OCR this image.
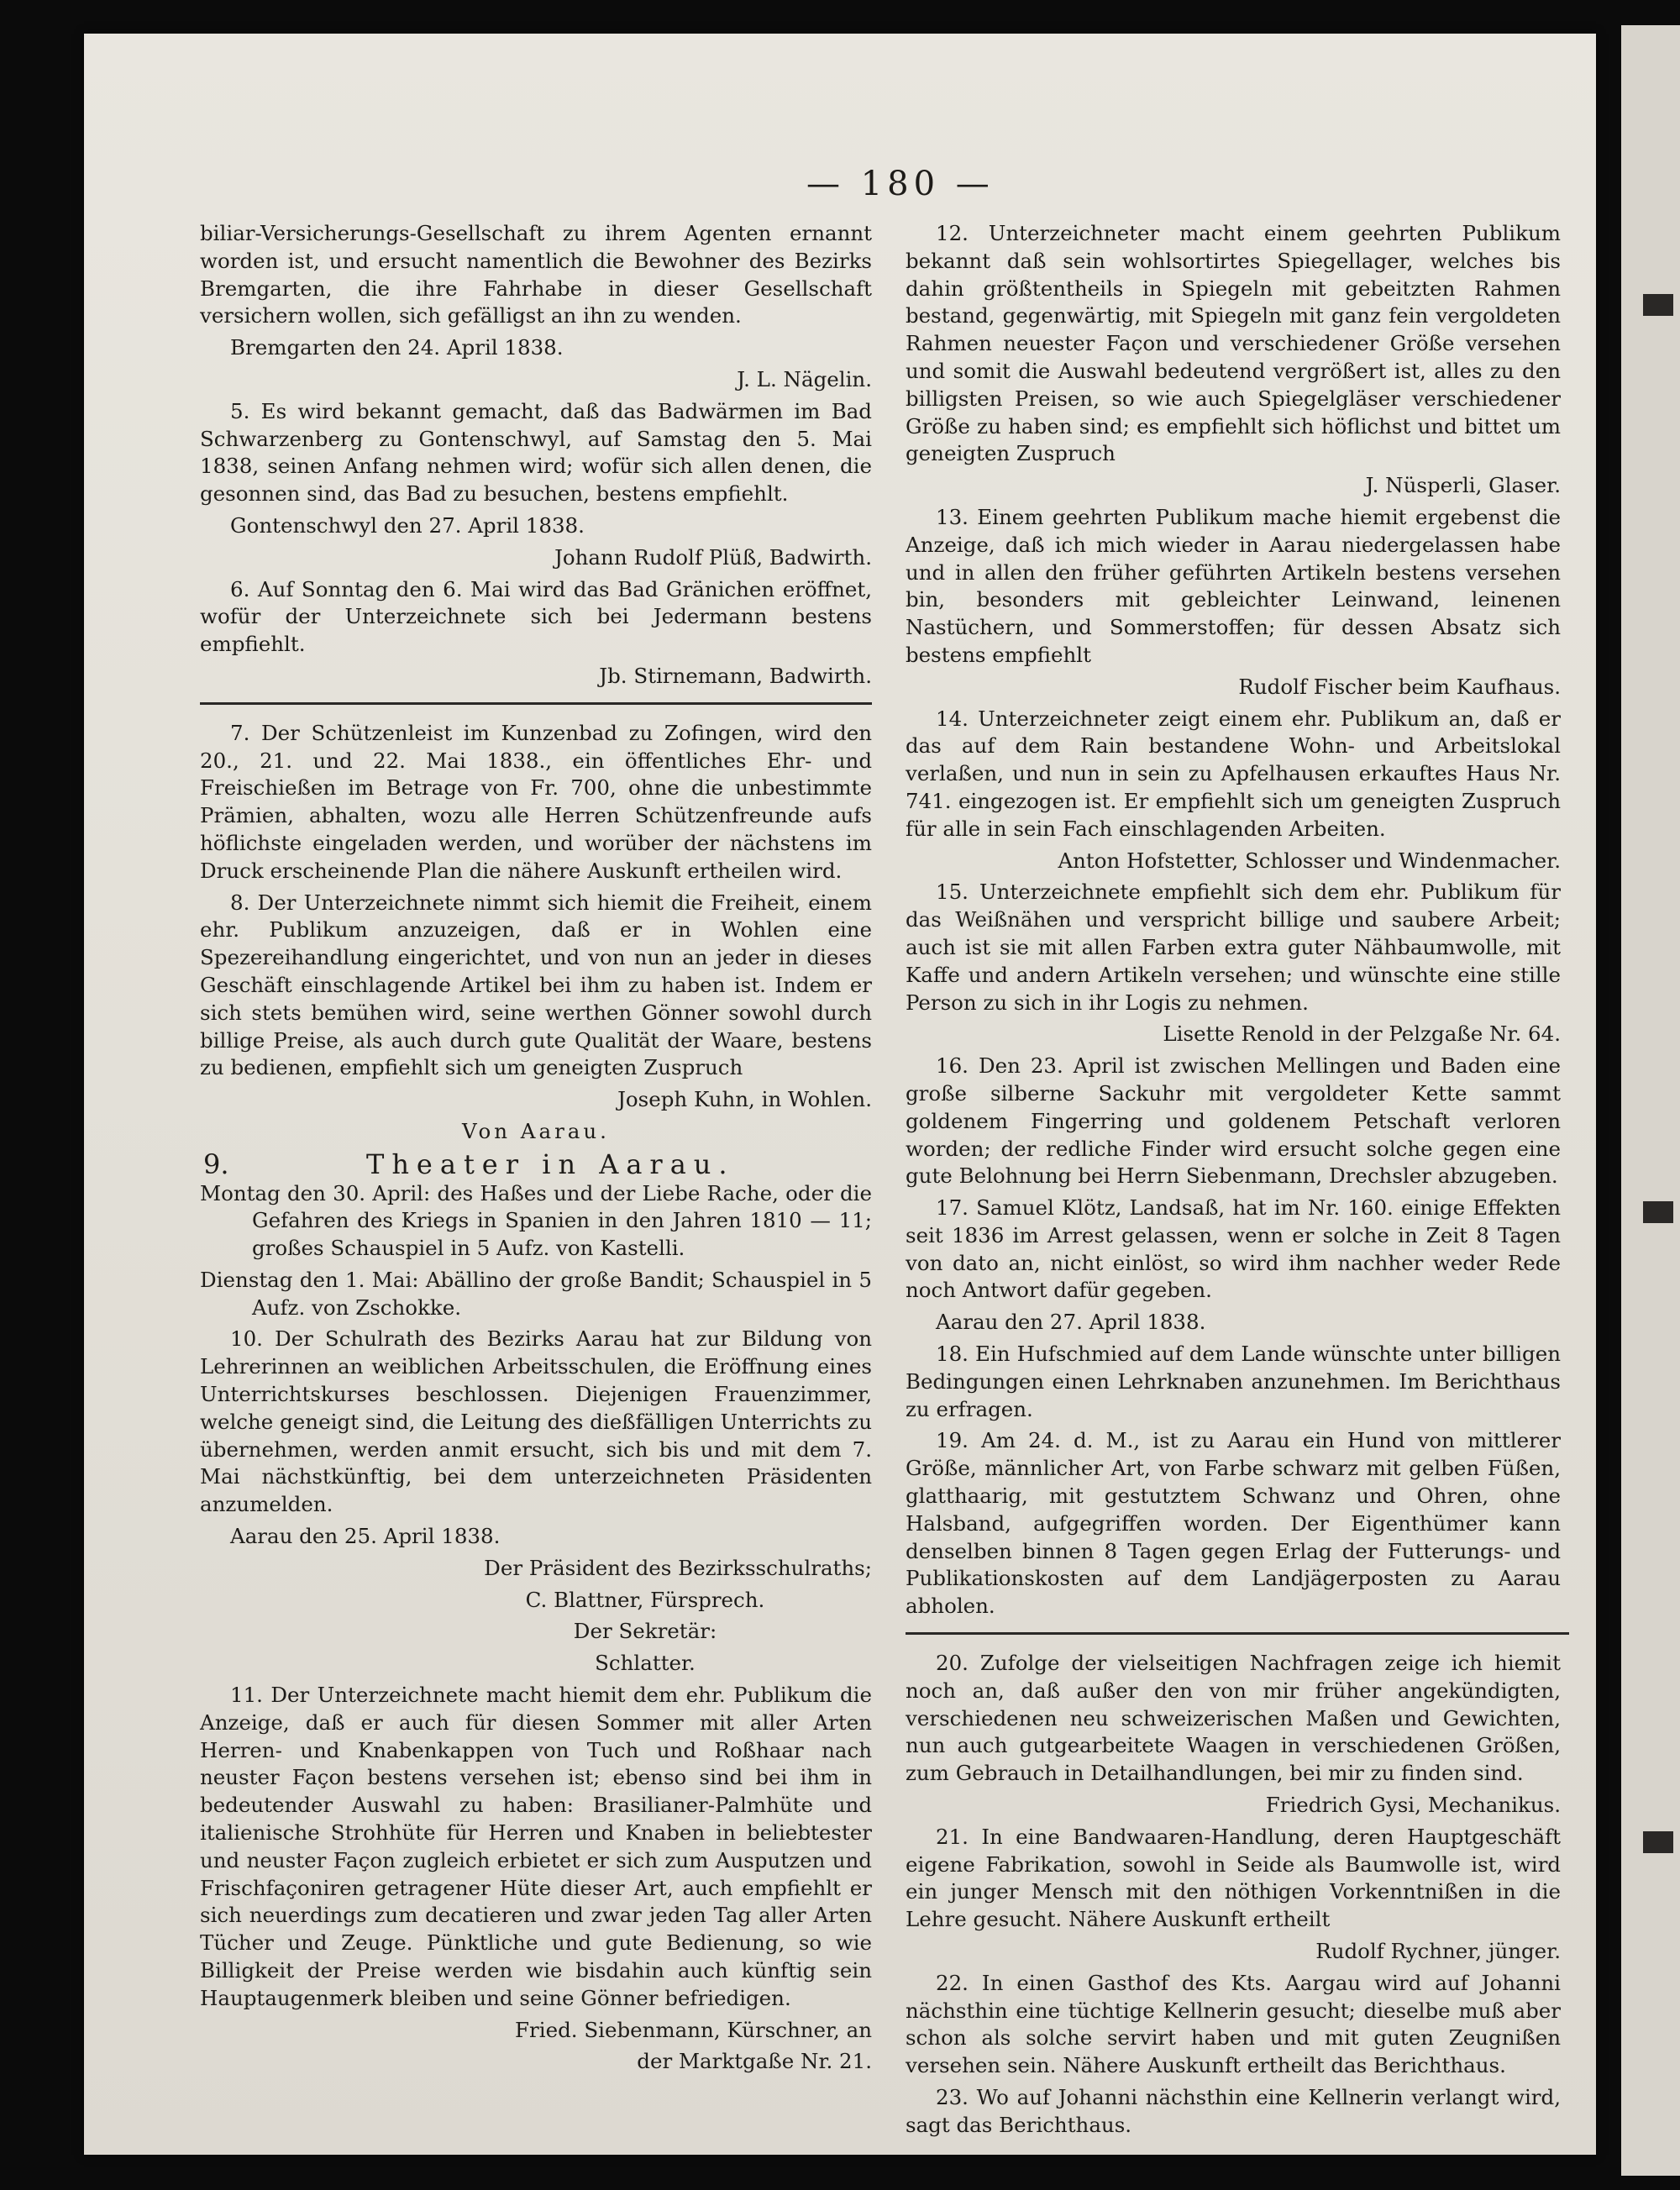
— 180 —

biliar-Versicherungs-Gesellschaft zu ihrem Agenten ernannt worden ist, und ersucht namentlich die Bewohner des Bezirks Bremgarten, die ihre Fahrhabe in dieser Gesellschaft versichern wollen, sich gefälligst an ihn zu wenden.

Bremgarten den 24. April 1838.

J. L. Nägelin.

5. Es wird bekannt gemacht, daß das Badwärmen im Bad Schwarzenberg zu Gontenschwyl, auf Samstag den 5. Mai 1838, seinen Anfang nehmen wird; wofür sich allen denen, die gesonnen sind, das Bad zu besuchen, bestens empfiehlt.

Gontenschwyl den 27. April 1838.

Johann Rudolf Plüß, Badwirth.

6. Auf Sonntag den 6. Mai wird das Bad Gränichen eröffnet, wofür der Unterzeichnete sich bei Jedermann bestens empfiehlt.

Jb. Stirnemann, Badwirth.

7. Der Schützenleist im Kunzenbad zu Zofingen, wird den 20., 21. und 22. Mai 1838., ein öffentliches Ehr- und Freischießen im Betrage von Fr. 700, ohne die unbestimmte Prämien, abhalten, wozu alle Herren Schützenfreunde aufs höflichste eingeladen werden, und worüber der nächstens im Druck erscheinende Plan die nähere Auskunft ertheilen wird.

8. Der Unterzeichnete nimmt sich hiemit die Freiheit, einem ehr. Publikum anzuzeigen, daß er in Wohlen eine Spezereihandlung eingerichtet, und von nun an jeder in dieses Geschäft einschlagende Artikel bei ihm zu haben ist. Indem er sich stets bemühen wird, seine werthen Gönner sowohl durch billige Preise, als auch durch gute Qualität der Waare, bestens zu bedienen, empfiehlt sich um geneigten Zuspruch

Joseph Kuhn, in Wohlen.

Von Aarau.

9.	Theater in Aarau.

Montag den 30. April: des Haßes und der Liebe Rache, oder die Gefahren des Kriegs in Spanien in den Jahren 1810 — 11; großes Schauspiel in 5 Aufz. von Kastelli.

Dienstag den 1. Mai: Abällino der große Bandit; Schauspiel in 5 Aufz. von Zschokke.

10. Der Schulrath des Bezirks Aarau hat zur Bildung von Lehrerinnen an weiblichen Arbeitsschulen, die Eröffnung eines Unterrichtskurses beschlossen. Diejenigen Frauenzimmer, welche geneigt sind, die Leitung des dießfälligen Unterrichts zu übernehmen, werden anmit ersucht, sich bis und mit dem 7. Mai nächstkünftig, bei dem unterzeichneten Präsidenten anzumelden.

Aarau den 25. April 1838.

Der Präsident des Bezirksschulraths;

C. Blattner, Fürsprech.

Der Sekretär:

Schlatter.

11. Der Unterzeichnete macht hiemit dem ehr. Publikum die Anzeige, daß er auch für diesen Sommer mit aller Arten Herren- und Knabenkappen von Tuch und Roßhaar nach neuster Façon bestens versehen ist; ebenso sind bei ihm in bedeutender Auswahl zu haben: Brasilianer-Palmhüte und italienische Strohhüte für Herren und Knaben in beliebtester und neuster Façon zugleich erbietet er sich zum Ausputzen und Frischfaçoniren getragener Hüte dieser Art, auch empfiehlt er sich neuerdings zum decatieren und zwar jeden Tag aller Arten Tücher und Zeuge. Pünktliche und gute Bedienung, so wie Billigkeit der Preise werden wie bisdahin auch künftig sein Hauptaugenmerk bleiben und seine Gönner befriedigen.

Fried. Siebenmann, Kürschner, an

der Marktgaße Nr. 21.

12. Unterzeichneter macht einem geehrten Publikum bekannt daß sein wohlsortirtes Spiegellager, welches bis dahin größtentheils in Spiegeln mit gebeitzten Rahmen bestand, gegenwärtig, mit Spiegeln mit ganz fein vergoldeten Rahmen neuester Façon und verschiedener Größe versehen und somit die Auswahl bedeutend vergrößert ist, alles zu den billigsten Preisen, so wie auch Spiegelgläser verschiedener Größe zu haben sind; es empfiehlt sich höflichst und bittet um geneigten Zuspruch

J. Nüsperli, Glaser.

13. Einem geehrten Publikum mache hiemit ergebenst die Anzeige, daß ich mich wieder in Aarau niedergelassen habe und in allen den früher geführten Artikeln bestens versehen bin, besonders mit gebleichter Leinwand, leinenen Nastüchern, und Sommerstoffen; für dessen Absatz sich bestens empfiehlt

Rudolf Fischer beim Kaufhaus.

14. Unterzeichneter zeigt einem ehr. Publikum an, daß er das auf dem Rain bestandene Wohn- und Arbeitslokal verlaßen, und nun in sein zu Apfelhausen erkauftes Haus Nr. 741. eingezogen ist. Er empfiehlt sich um geneigten Zuspruch für alle in sein Fach einschlagenden Arbeiten.

Anton Hofstetter, Schlosser und Windenmacher.

15. Unterzeichnete empfiehlt sich dem ehr. Publikum für das Weißnähen und verspricht billige und saubere Arbeit; auch ist sie mit allen Farben extra guter Nähbaumwolle, mit Kaffe und andern Artikeln versehen; und wünschte eine stille Person zu sich in ihr Logis zu nehmen.

Lisette Renold in der Pelzgaße Nr. 64.

16. Den 23. April ist zwischen Mellingen und Baden eine große silberne Sackuhr mit vergoldeter Kette sammt goldenem Fingerring und goldenem Petschaft verloren worden; der redliche Finder wird ersucht solche gegen eine gute Belohnung bei Herrn Siebenmann, Drechsler abzugeben.

17. Samuel Klötz, Landsaß, hat im Nr. 160. einige Effekten seit 1836 im Arrest gelassen, wenn er solche in Zeit 8 Tagen von dato an, nicht einlöst, so wird ihm nachher weder Rede noch Antwort dafür gegeben.

Aarau den 27. April 1838.

18. Ein Hufschmied auf dem Lande wünschte unter billigen Bedingungen einen Lehrknaben anzunehmen. Im Berichthaus zu erfragen.

19. Am 24. d. M., ist zu Aarau ein Hund von mittlerer Größe, männlicher Art, von Farbe schwarz mit gelben Füßen, glatthaarig, mit gestutztem Schwanz und Ohren, ohne Halsband, aufgegriffen worden. Der Eigenthümer kann denselben binnen 8 Tagen gegen Erlag der Futterungs- und Publikationskosten auf dem Landjägerposten zu Aarau abholen.

20. Zufolge der vielseitigen Nachfragen zeige ich hiemit noch an, daß außer den von mir früher angekündigten, verschiedenen neu schweizerischen Maßen und Gewichten, nun auch gutgearbeitete Waagen in verschiedenen Größen, zum Gebrauch in Detailhandlungen, bei mir zu finden sind.

Friedrich Gysi, Mechanikus.

21. In eine Bandwaaren-Handlung, deren Hauptgeschäft eigene Fabrikation, sowohl in Seide als Baumwolle ist, wird ein junger Mensch mit den nöthigen Vorkenntnißen in die Lehre gesucht. Nähere Auskunft ertheilt

Rudolf Rychner, jünger.

22. In einen Gasthof des Kts. Aargau wird auf Johanni nächsthin eine tüchtige Kellnerin gesucht; dieselbe muß aber schon als solche servirt haben und mit guten Zeugnißen versehen sein. Nähere Auskunft ertheilt das Berichthaus.

23. Wo auf Johanni nächsthin eine Kellnerin verlangt wird, sagt das Berichthaus.
